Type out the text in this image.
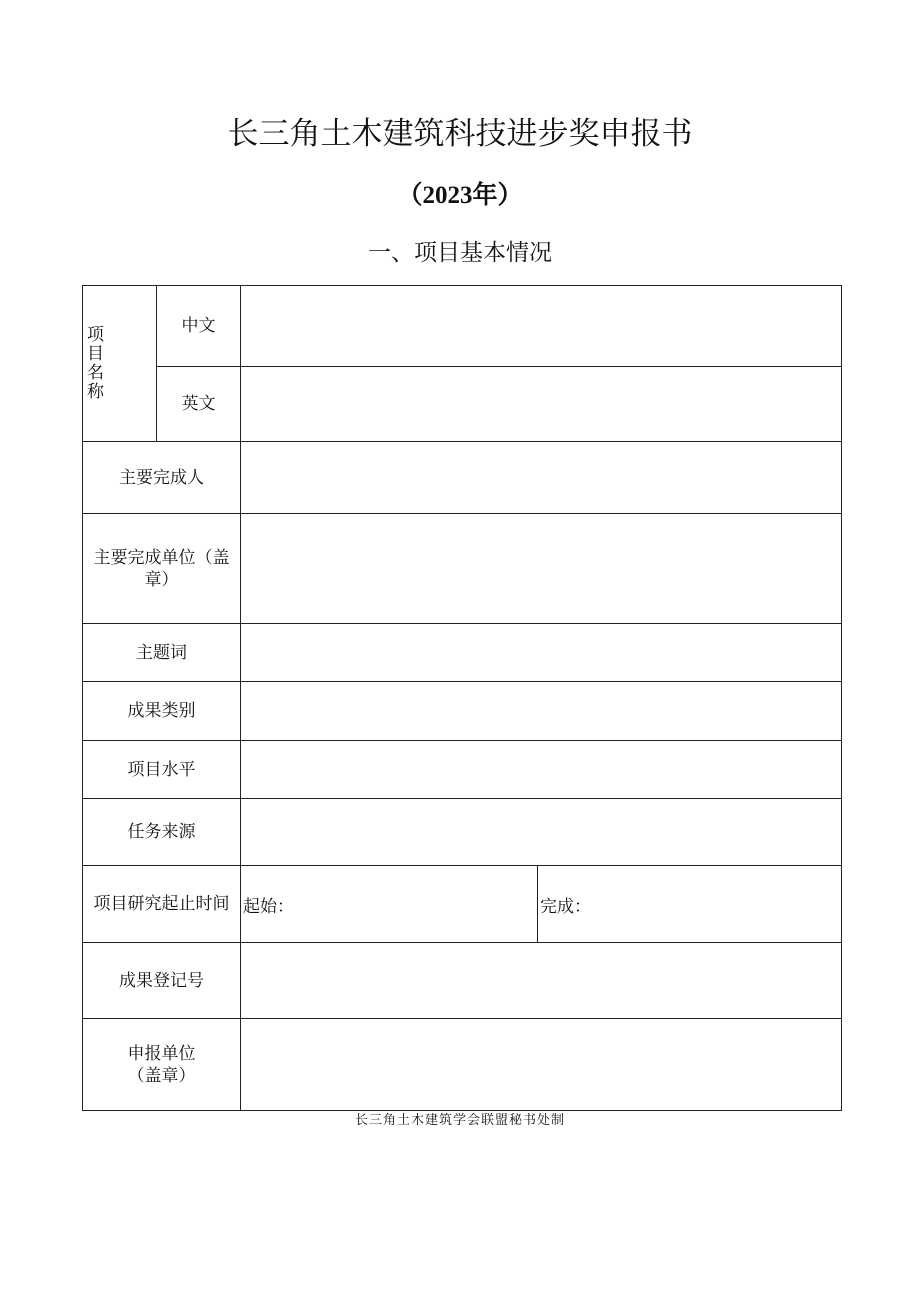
长三角土木建筑科技进步奖申报书
（2023年）
一、项目基本情况
项
目
名
称	中文		
	英文		
主要完成人			

主要完成单位（盖
章）			

主题词			
成果类别			
项目水平			
任务来源			
项目研究起止时间		起始：	完成：
成果登记号			

申报单位
（盖章）			

长三角土木建筑学会联盟秘书处制
